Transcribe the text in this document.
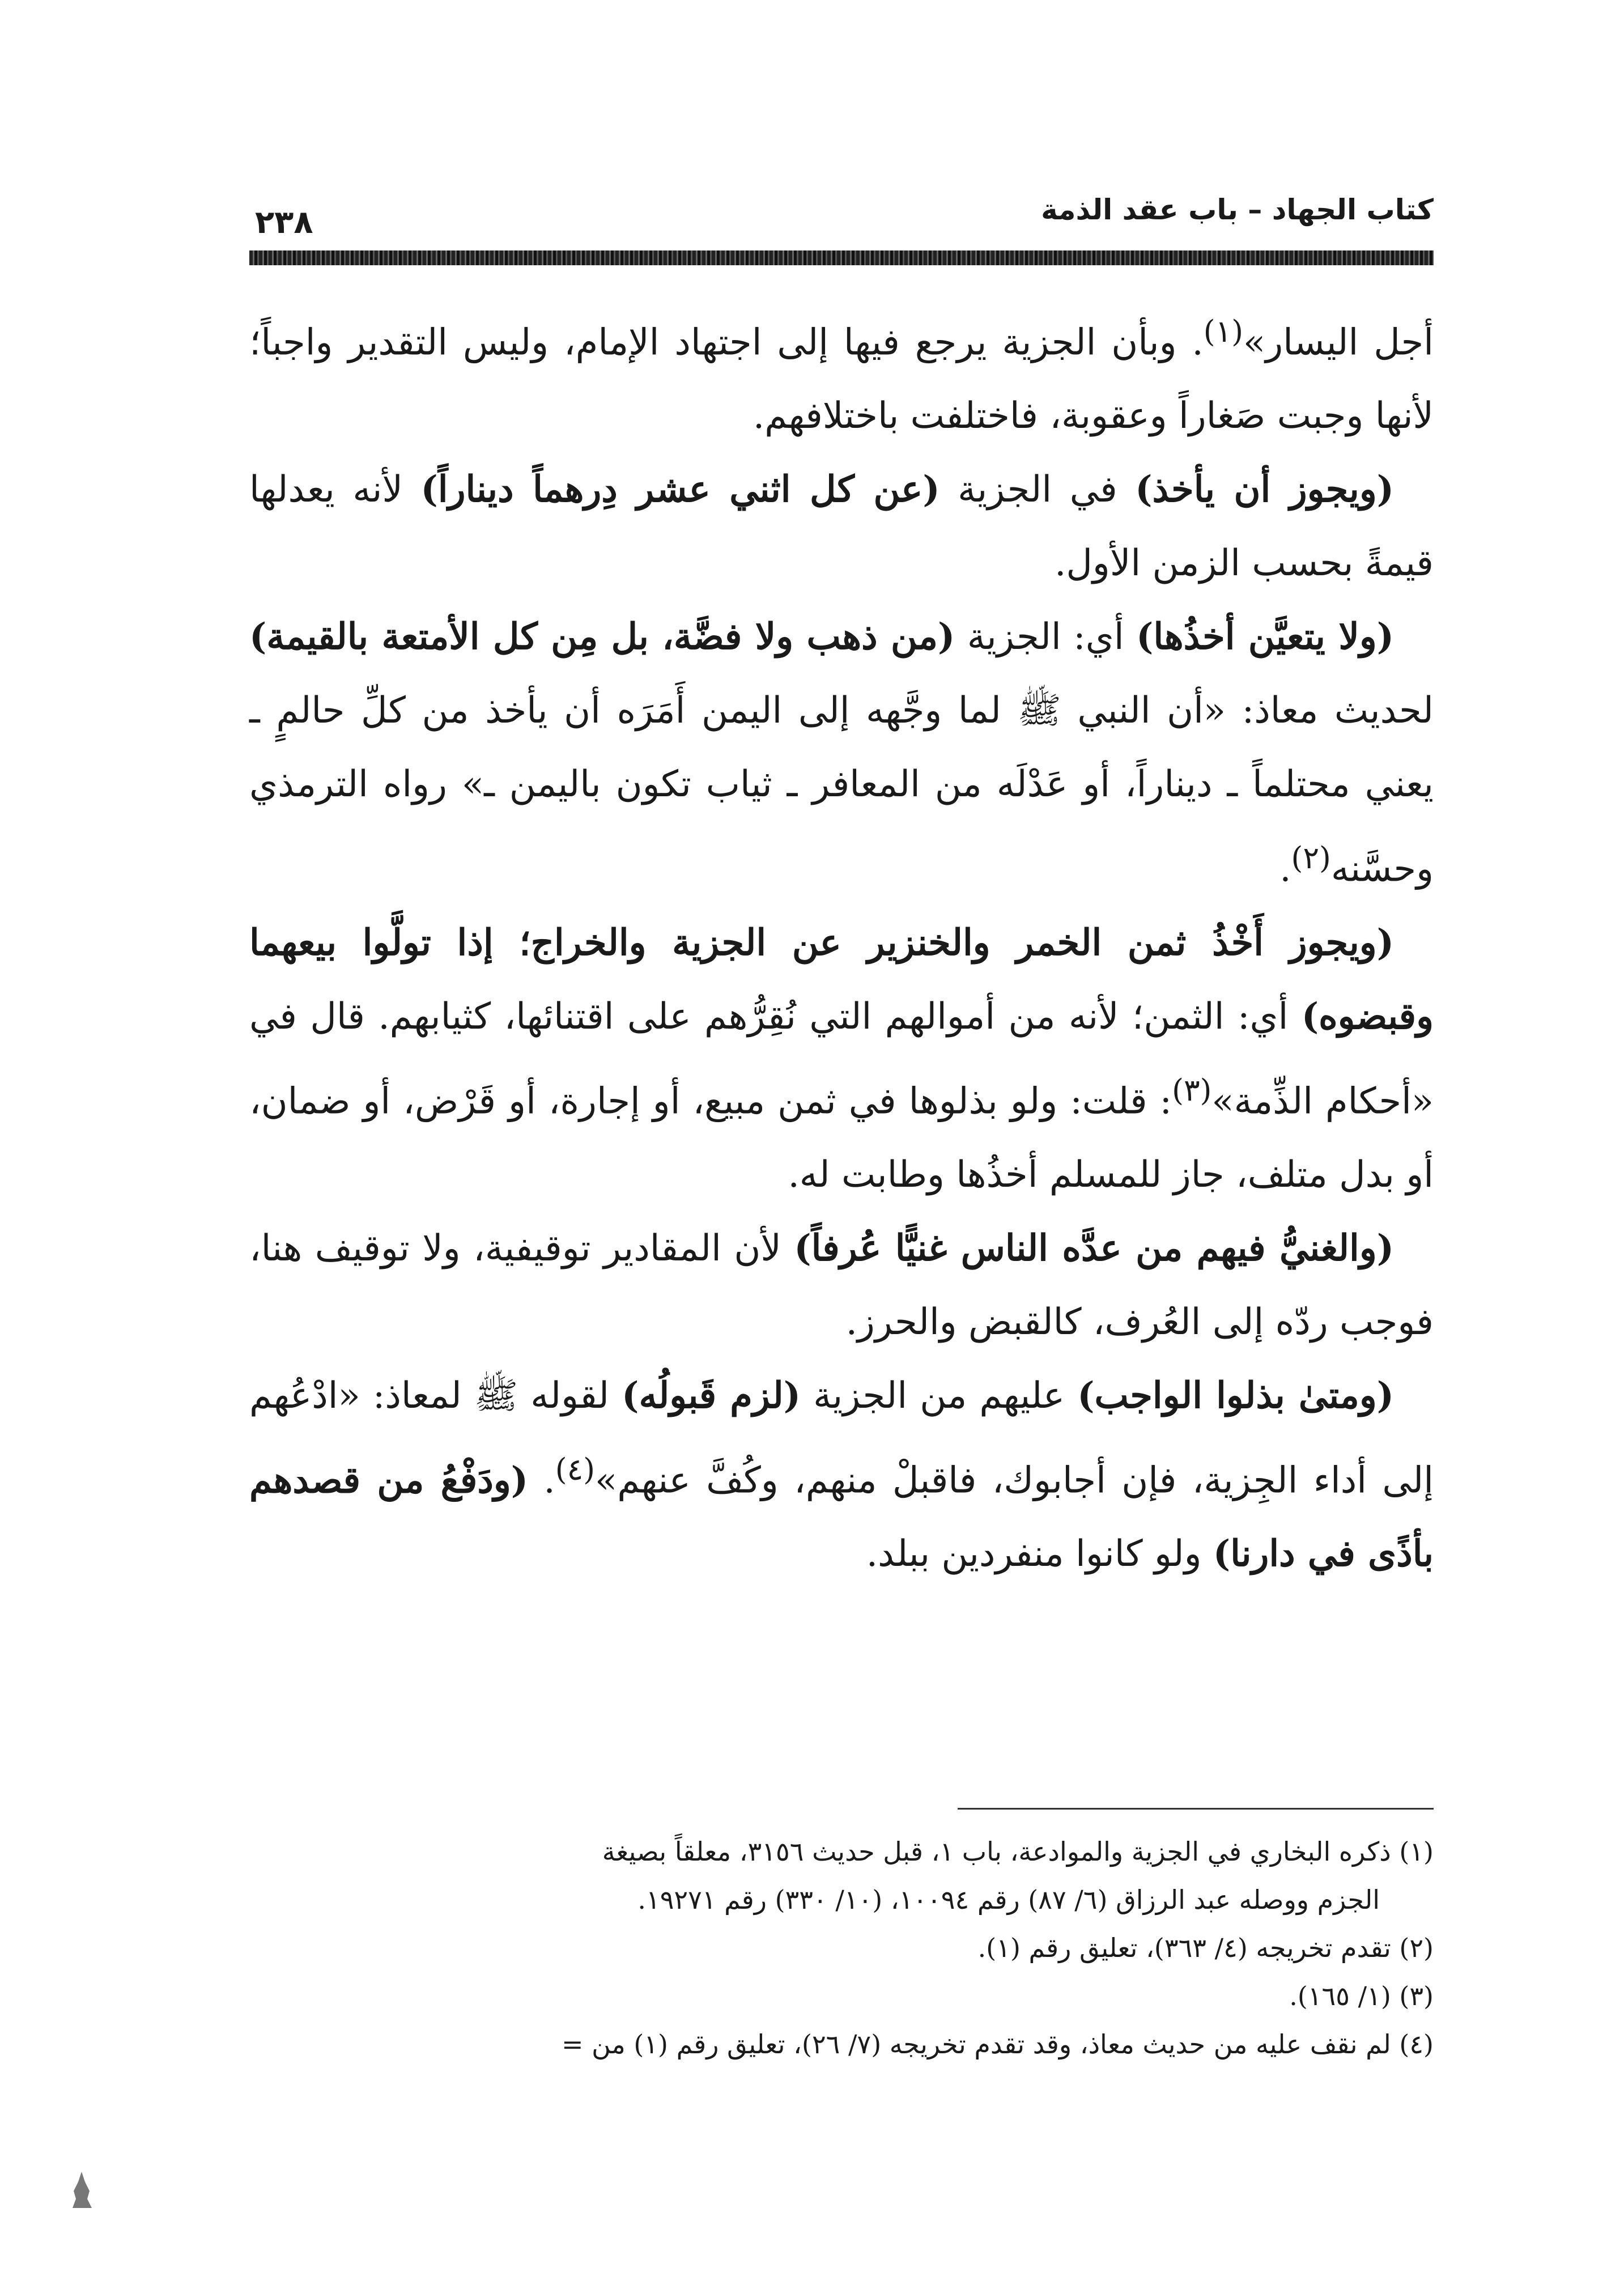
كتاب الجهاد – باب عقد الذمة
٢٣٨

أجل اليسار»$^{(١)}$. وبأن الجزية يرجع فيها إلى اجتهاد الإمام، وليس التقدير واجباً؛ لأنها وجبت صَغاراً وعقوبة، فاختلفت باختلافهم.

(ويجوز أن يأخذ) في الجزية (عن كل اثني عشر دِرهماً ديناراً) لأنه يعدلها قيمةً بحسب الزمن الأول.

(ولا يتعيَّن أخذُها) أي: الجزية (من ذهب ولا فضَّة، بل مِن كل الأمتعة بالقيمة) لحديث معاذ: «أن النبي ﷺ لما وجَّهه إلى اليمن أَمَرَه أن يأخذ من كلِّ حالمٍ ـ يعني محتلماً ـ ديناراً، أو عَدْلَه من المعافر ـ ثياب تكون باليمن ـ» رواه الترمذي وحسَّنه$^{(٢)}$.

(ويجوز أَخْذُ ثمن الخمر والخنزير عن الجزية والخراج؛ إذا تولَّوا بيعهما وقبضوه) أي: الثمن؛ لأنه من أموالهم التي نُقِرُّهم على اقتنائها، كثيابهم. قال في «أحكام الذِّمة»$^{(٣)}$: قلت: ولو بذلوها في ثمن مبيع، أو إجارة، أو قَرْض، أو ضمان، أو بدل متلف، جاز للمسلم أخذُها وطابت له.

(والغنيُّ فيهم من عدَّه الناس غنيًّا عُرفاً) لأن المقادير توقيفية، ولا توقيف هنا، فوجب ردّه إلى العُرف، كالقبض والحرز.

(ومتىٰ بذلوا الواجب) عليهم من الجزية (لزم قَبولُه) لقوله ﷺ لمعاذ: «ادْعُهم إلى أداء الجِزية، فإن أجابوك، فاقبلْ منهم، وكُفَّ عنهم»$^{(٤)}$. (ودَفْعُ من قصدهم بأذًى في دارنا) ولو كانوا منفردين ببلد.

(١) ذكره البخاري في الجزية والموادعة، باب ١، قبل حديث ٣١٥٦، معلقاً بصيغة

الجزم ووصله عبد الرزاق (٦/ ٨٧) رقم ١٠٠٩٤، (١٠/ ٣٣٠) رقم ١٩٢٧١.

(٢) تقدم تخريجه (٤/ ٣٦٣)، تعليق رقم (١).

(٣) (١/ ١٦٥).

(٤) لم نقف عليه من حديث معاذ، وقد تقدم تخريجه (٧/ ٢٦)، تعليق رقم (١) من =
